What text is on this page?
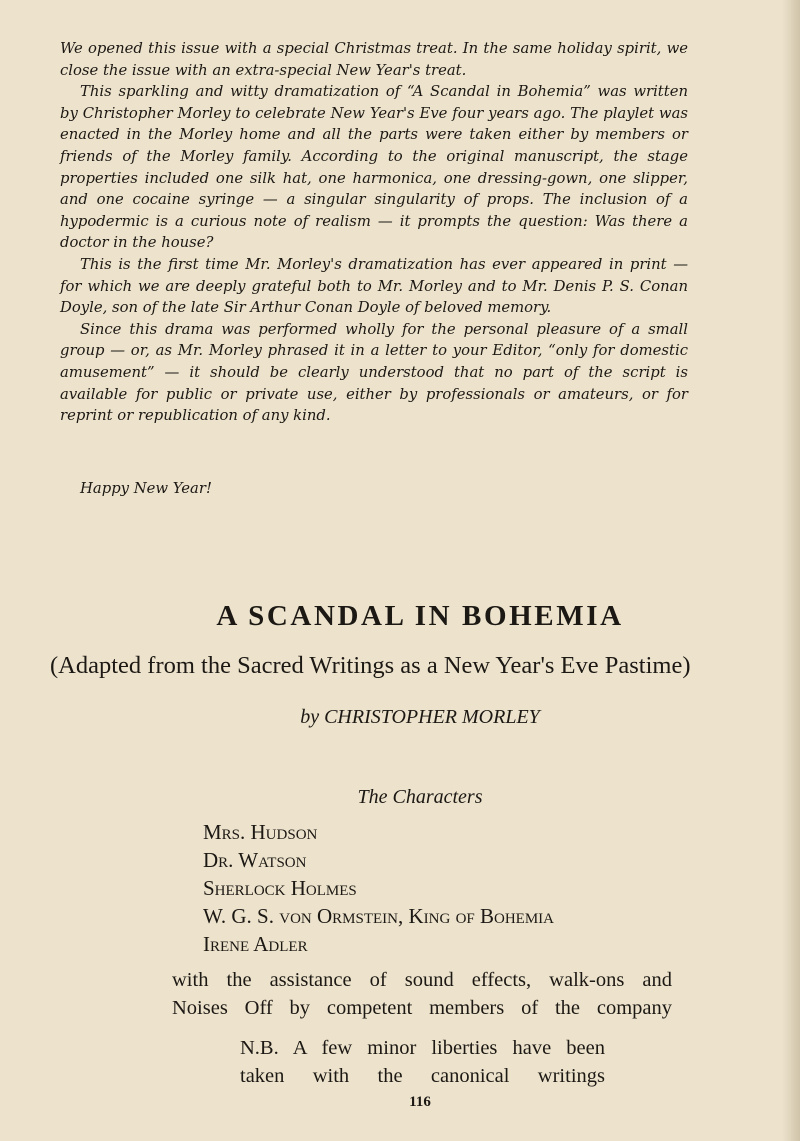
We opened this issue with a special Christmas treat. In the same holiday spirit, we close the issue with an extra-special New Year's treat.

This sparkling and witty dramatization of “A Scandal in Bohemia” was written by Christopher Morley to celebrate New Year's Eve four years ago. The playlet was enacted in the Morley home and all the parts were taken either by members or friends of the Morley family. According to the original manuscript, the stage properties included one silk hat, one harmonica, one dressing-gown, one slipper, and one cocaine syringe — a singular singularity of props. The inclusion of a hypodermic is a curious note of realism — it prompts the question: Was there a doctor in the house?

This is the first time Mr. Morley's dramatization has ever appeared in print — for which we are deeply grateful both to Mr. Morley and to Mr. Denis P. S. Conan Doyle, son of the late Sir Arthur Conan Doyle of beloved memory.

Since this drama was performed wholly for the personal pleasure of a small group — or, as Mr. Morley phrased it in a letter to your Editor, “only for domestic amusement” — it should be clearly understood that no part of the script is available for public or private use, either by professionals or amateurs, or for reprint or republication of any kind.

Happy New Year!

A SCANDAL IN BOHEMIA

(Adapted from the Sacred Writings as a New Year's Eve Pastime)

by CHRISTOPHER MORLEY

The Characters

Mrs. Hudson
Dr. Watson
Sherlock Holmes
W. G. S. von Ormstein, King of Bohemia
Irene Adler
with the assistance of sound effects, walk-ons and
Noises Off by competent members of the company
N.B. A few minor liberties have been
taken with the canonical writings

116
